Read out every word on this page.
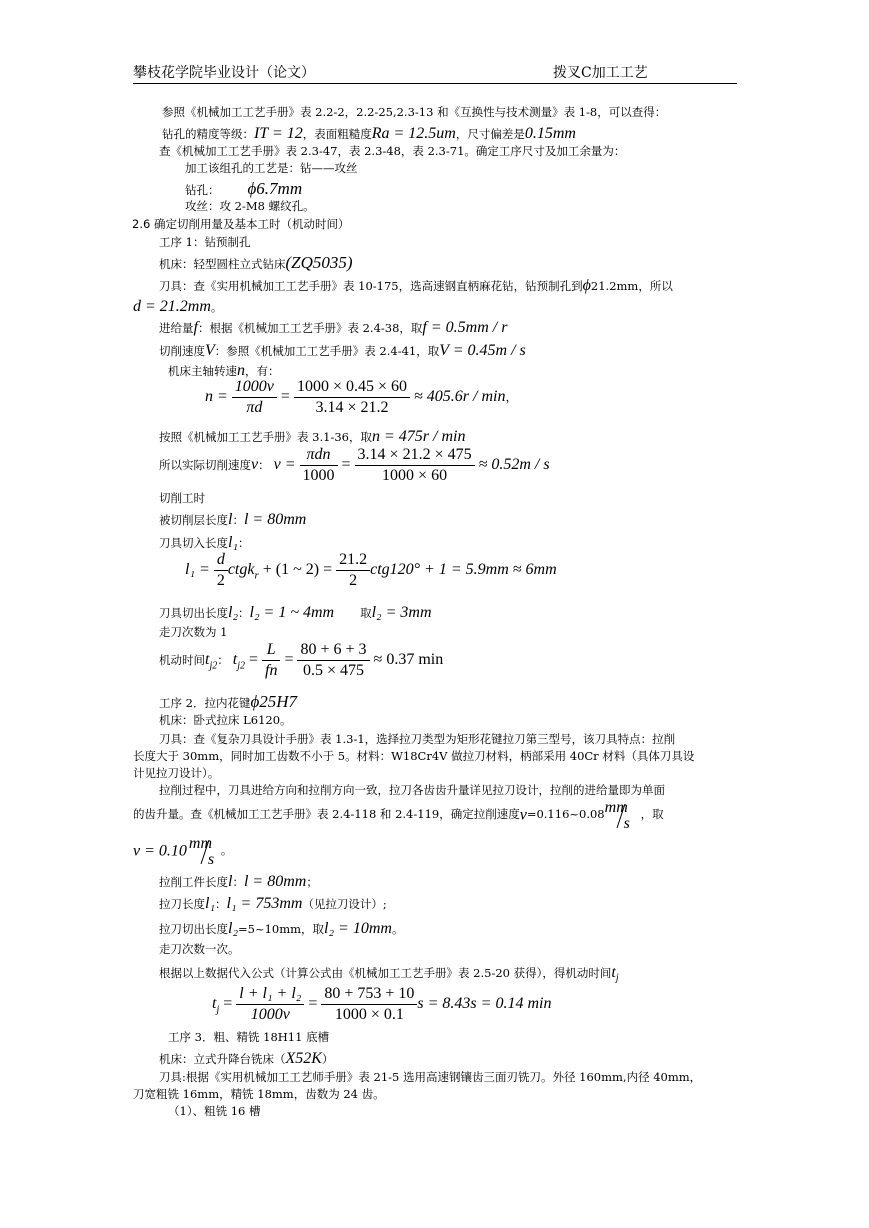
攀枝花学院毕业设计（论文）	拨叉C加工工艺
参照《机械加工工艺手册》表 2.2-2，2.2-25,2.3-13 和《互换性与技术测量》表 1-8，可以查得：
钻孔的精度等级：IT = 12，表面粗糙度Ra = 12.5um，尺寸偏差是0.15mm
查《机械加工工艺手册》表 2.3-47，表 2.3-48，表 2.3-71。确定工序尺寸及加工余量为：
加工该组孔的工艺是：钻——攻丝
钻孔： ϕ6.7mm
攻丝：攻 2-M8 螺纹孔。
2.6 确定切削用量及基本工时（机动时间）
工序 1：钻预制孔
机床：轻型圆柱立式钻床(ZQ5035)
刀具：查《实用机械加工工艺手册》表 10-175，选高速钢直柄麻花钻，钻预制孔到ϕ21.2mm，所以
d = 21.2mm。
进给量f：根据《机械加工工艺手册》表 2.4-38，取f = 0.5mm / r
切削速度V：参照《机械加工工艺手册》表 2.4-41，取V = 0.45m / s
机床主轴转速n，有：
$n = \frac{1000v}{\pi d} = \frac{1000 \times 0.45 \times 60}{3.14 \times 21.2} \approx 405.6r / \min$，
按照《机械加工工艺手册》表 3.1-36，取n = 475r / min
所以实际切削速度v： $v = \frac{\text{πdn}}{1000} = \frac{3.14 \times 21.2 \times 475}{1000 \times 60} \approx 0.52m / s$
切削工时
被切削层长度l：l = 80mm
刀具切入长度l₁：
$l_1 = \frac{d}{2}$ ctgk$_r$ + (1 ~ $2) = \frac{21.2}{2} ctg120^\circ + 1 = 5.9mm \approx 6mm$
刀具切出长度l₂：l₂ = 1 ~ 4mm 取l₂ = 3mm
走刀次数为 1
机动时间$t_{j2}$： $t_{j2} = \frac{L}{fn} = \frac{80 + 6 + 3}{0.5 \times 475} \approx 0.37$ min
工序 2．拉内花键ϕ25H7
机床：卧式拉床 L6120。
刀具：查《复杂刀具设计手册》表 1.3-1，选择拉刀类型为矩形花键拉刀第三型号，该刀具特点：拉削
长度大于 30mm，同时加工齿数不小于 5。材料：W18Cr4V 做拉刀材料，柄部采用 40Cr 材料（具体刀具设
计见拉刀设计）。
拉削过程中，刀具进给方向和拉削方向一致，拉刀各齿齿升量详见拉刀设计，拉削的进给量即为单面
的齿升量。查《机械加工工艺手册》表 2.4-118 和 2.4-119，确定拉削速度v=0.116~0.08 mm
s
，取
v = 0.10 mm
s
。
拉削工件长度l：l = 80mm；
拉刀长度l₁：l₁ = 753mm（见拉刀设计）;
拉刀切出长度l₂=5~10mm，取l₂ = 10mm。
走刀次数一次。
根据以上数据代入公式（计算公式由《机械加工工艺手册》表 2.5-20 获得），得机动时间$t_j$
$t_j = \frac{\text{l + l₁ + l₂}}{1000v} = \frac{80 + 753 + 10}{1000 \times 0.1}$ s = 8.43s = 0.14 min
工序 3．粗、精铣 18H11 底槽
机床：立式升降台铣床（X52K）
刀具:根据《实用机械加工工艺师手册》表 21-5 选用高速钢镶齿三面刃铣刀。外径 160mm,内径 40mm，
刀宽粗铣 16mm，精铣 18mm，齿数为 24 齿。
（1）、粗铣 16 槽
